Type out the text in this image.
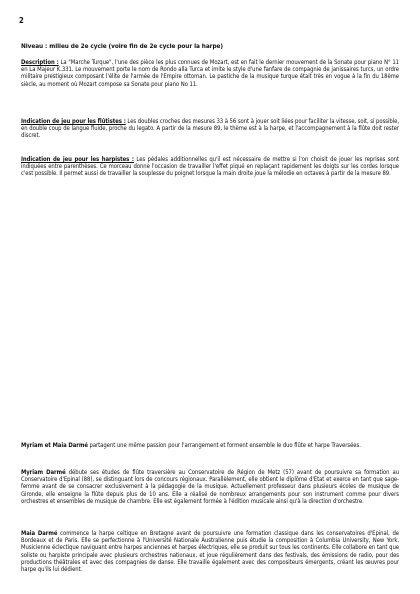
2
Niveau : milieu de 2e cycle (voire fin de 2e cycle pour la harpe)
Description : La "Marche Turque", l'une des pièce les plus connues de Mozart, est en fait le dernier mouvement de la Sonate pour piano N° 11 en La Majeur K.331. Le mouvement porte le nom de Rondo alla Turca et imite le style d'une fanfare de compagnie de janissaires turcs, un ordre militaire prestigieux composant l'élite de l'armée de l'Empire ottoman. Le pastiche de la musique turque était très en vogue à la fin du 18ème siècle, au moment où Mozart compose sa Sonate pour piano No 11.
Indication de jeu pour les flûtistes : Les doubles croches des mesures 33 à 56 sont à jouer soit liées pour faciliter la vitesse, soit, si possible, en double coup de langue fluide, proche du legato. A partir de la mesure 89, le thème est à la harpe, et l'accompagnement à la flûte doit rester discret.
Indication de jeu pour les harpistes : Les pédales additionnelles qu'il est nécessaire de mettre si l'on choisit de jouer les reprises sont indiquées entre parenthèses. Ce morceau donne l'occasion de travailler l'effet piqué en replaçant rapidement les doigts sur les cordes lorsque c'est possible. Il permet aussi de travailler la souplesse du poignet lorsque la main droite joue la mélodie en octaves à partir de la mesure 89.
Myriam et Maia Darmé partagent une même passion pour l'arrangement et forment ensemble le duo flûte et harpe Traversées.
Myriam Darmé débute ses études de flûte traversière au Conservatoire de Région de Metz (57) avant de poursuivre sa formation au Conservatoire d'Epinal (88), se distinguant lors de concours régionaux. Parallèlement, elle obtient le diplôme d'Etat et exerce en tant que sage-femme avant de se consacrer exclusivement à la pédagogie de la musique. Actuellement professeur dans plusieurs écoles de musique de Gironde, elle enseigne la flûte depuis plus de 10 ans. Elle a réalisé de nombreux arrangements pour son instrument comme pour divers orchestres et ensembles de musique de chambre. Elle est également formée à l'édition musicale ainsi qu'à la direction d'orchestre.
Maia Darmé commence la harpe celtique en Bretagne avant de poursuivre une formation classique dans les conservatoires d'Epinal, de Bordeaux et de Paris. Elle se perfectionne à l'Université Nationale Australienne puis étudie la composition à Columbia University, New York. Musicienne éclectique naviguant entre harpes anciennes et harpes électriques, elle se produit sur tous les continents. Elle collabore en tant que soliste ou harpiste principale avec plusieurs orchestres nationaux, et joue régulièrement dans des festivals, des émissions de radio, pour des productions théâtrales et avec des compagnies de danse. Elle travaille également avec des compositeurs émergents, créant les œuvres pour harpe qu'ils lui dédient.
